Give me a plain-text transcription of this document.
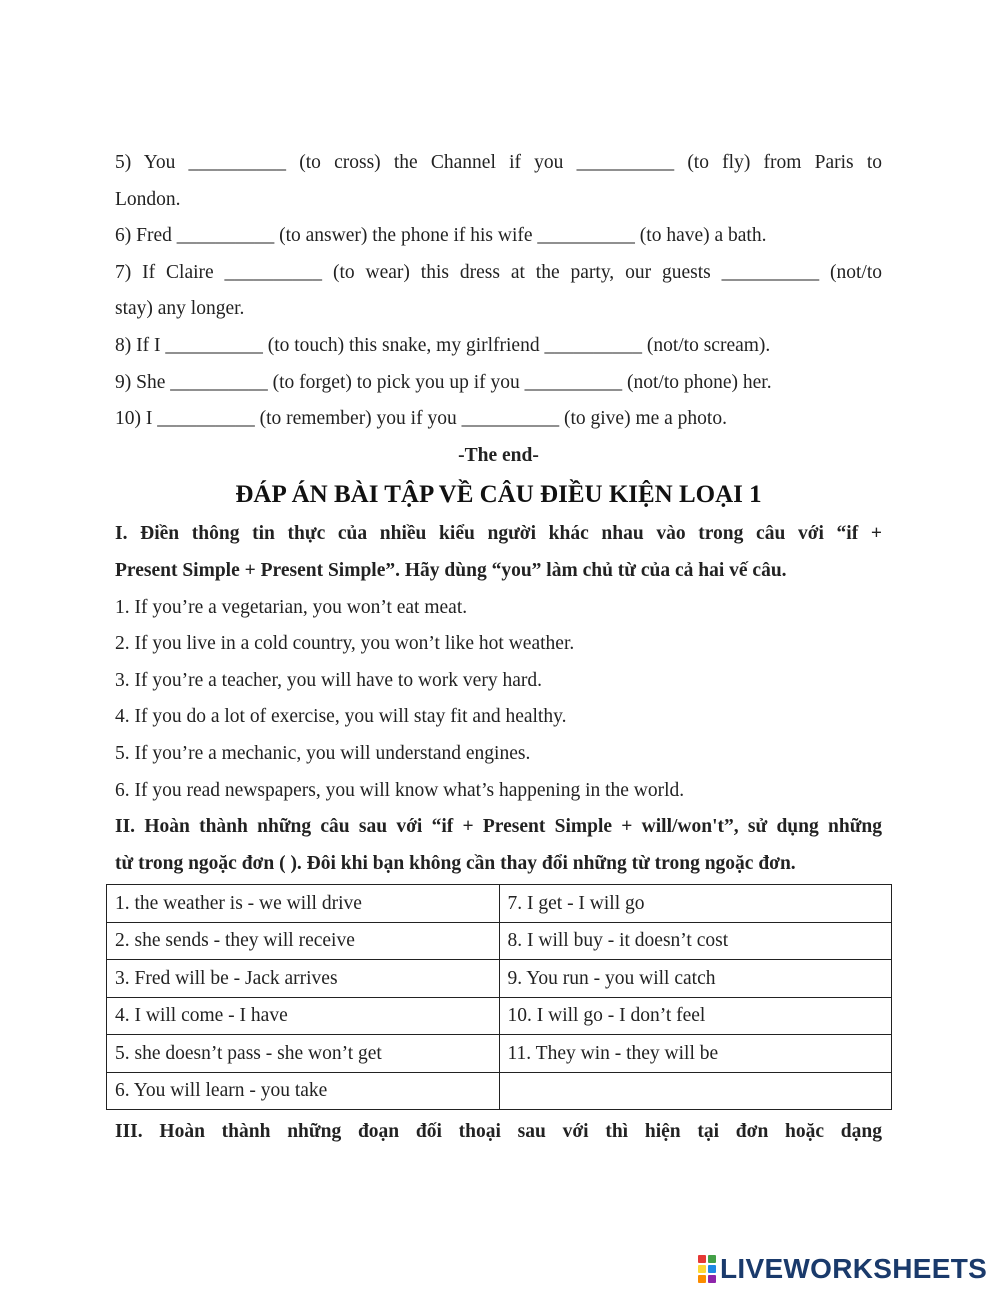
5) You __________ (to cross) the Channel if you __________ (to fly) from Paris to
London.
6) Fred __________ (to answer) the phone if his wife __________ (to have) a bath.
7) If Claire __________ (to wear) this dress at the party, our guests __________ (not/to
stay) any longer.
8) If I __________ (to touch) this snake, my girlfriend __________ (not/to scream).
9) She __________ (to forget) to pick you up if you __________ (not/to phone) her.
10) I __________ (to remember) you if you __________ (to give) me a photo.
-The end-
ĐÁP ÁN BÀI TẬP VỀ CÂU ĐIỀU KIỆN LOẠI 1
I. Điền thông tin thực của nhiều kiểu người khác nhau vào trong câu với “if +
Present Simple + Present Simple”. Hãy dùng “you” làm chủ từ của cả hai vế câu.
1. If you’re a vegetarian, you won’t eat meat.
2. If you live in a cold country, you won’t like hot weather.
3. If you’re a teacher, you will have to work very hard.
4. If you do a lot of exercise, you will stay fit and healthy.
5. If you’re a mechanic, you will understand engines.
6. If you read newspapers, you will know what’s happening in the world.
II. Hoàn thành những câu sau với “if + Present Simple + will/won't”, sử dụng những
từ trong ngoặc đơn ( ). Đôi khi bạn không cần thay đổi những từ trong ngoặc đơn.
1. the weather is - we will drive	7. I get - I will go
2. she sends - they will receive	8. I will buy - it doesn’t cost
3. Fred will be - Jack arrives	9. You run - you will catch
4. I will come - I have	10. I will go - I don’t feel
5. she doesn’t pass - she won’t get	11. They win - they will be
6. You will learn - you take	
III. Hoàn thành những đoạn đối thoại sau với thì hiện tại đơn hoặc dạng
LIVEWORKSHEETS
